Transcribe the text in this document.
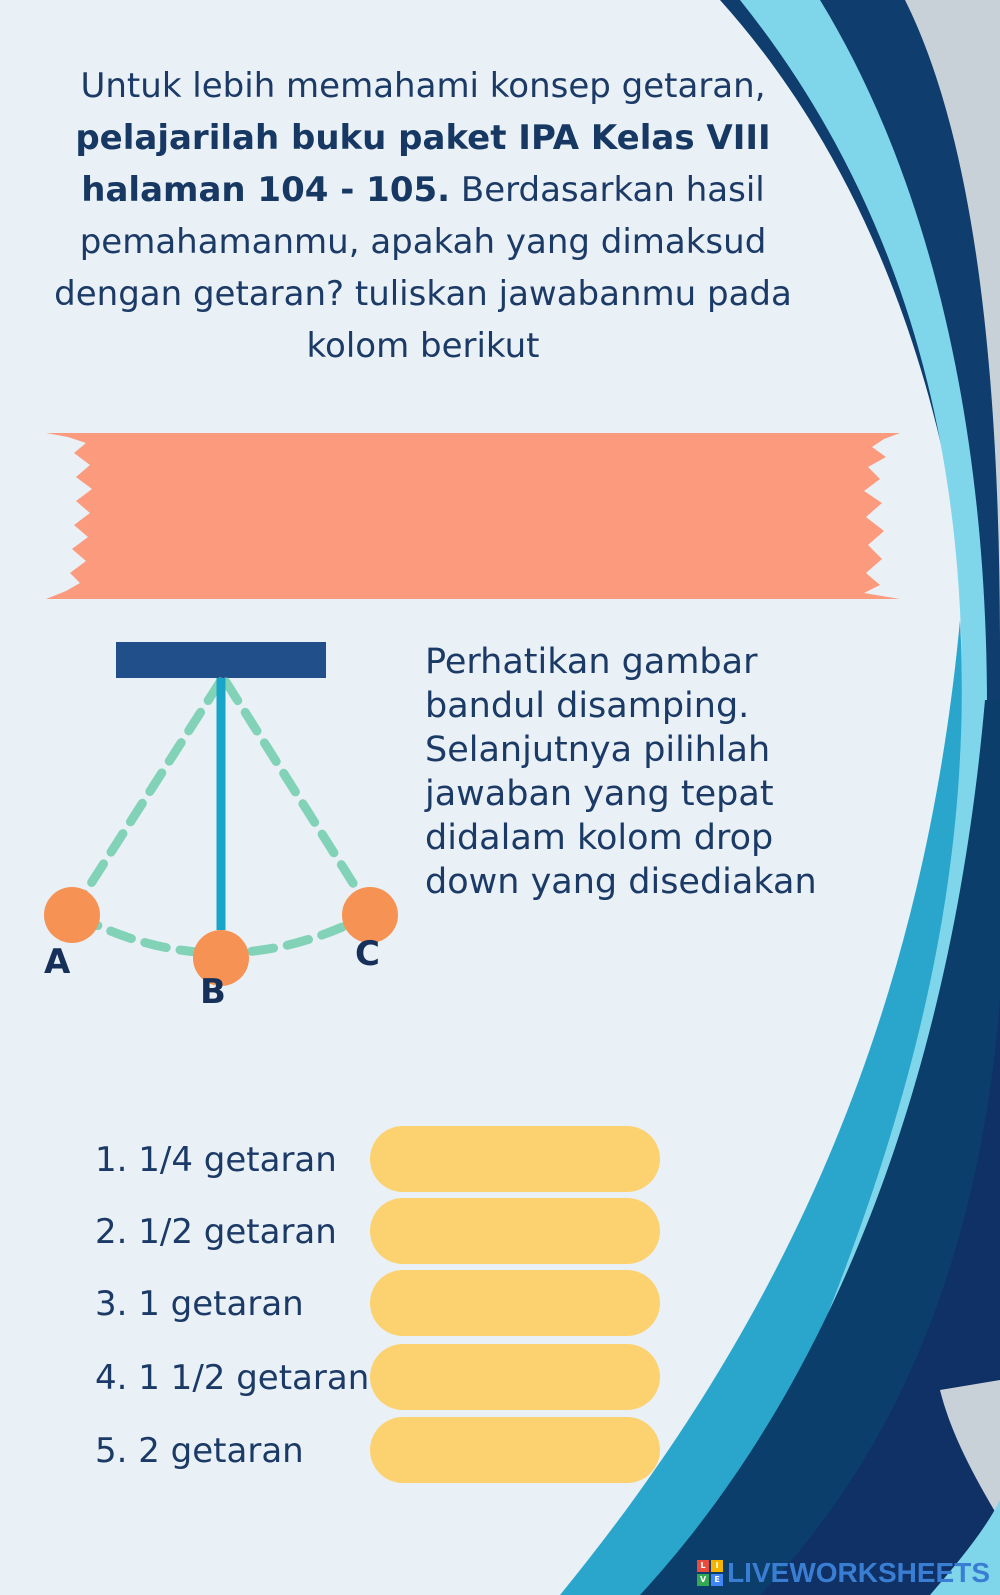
Untuk lebih memahami konsep getaran, pelajarilah buku paket IPA Kelas VIII halaman 104 - 105. Berdasarkan hasil pemahamanmu, apakah yang dimaksud dengan getaran? tuliskan jawabanmu pada kolom berikut
A
B
C
Perhatikan gambar bandul disamping. Selanjutnya pilihlah jawaban yang tepat didalam kolom drop down yang disediakan
1. 1/4 getaran
2. 1/2 getaran
3. 1 getaran
4. 1 1/2 getaran
5. 2 getaran
L	I
V	E LIVEWORKSHEETS
